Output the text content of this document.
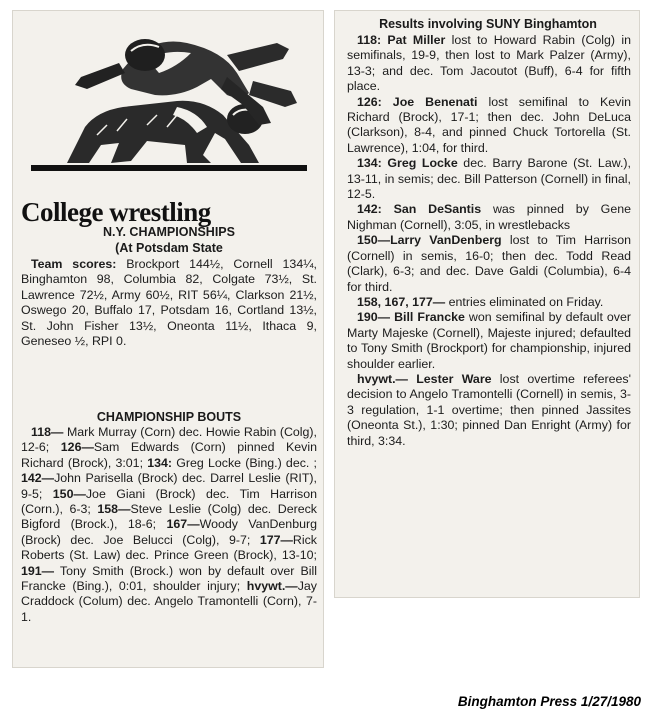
College wrestling
N.Y. CHAMPIONSHIPS
(At Potsdam State

Team scores: Brockport 144½, Cornell 134¼, Binghamton 98, Columbia 82, Colgate 73½, St. Lawrence 72½, Army 60½, RIT 56¼, Clarkson 21½, Oswego 20, Buffalo 17, Potsdam 16, Cortland 13½, St. John Fisher 13½, Oneonta 11½, Ithaca 9, Geneseo ½, RPI 0.

CHAMPIONSHIP BOUTS

118— Mark Murray (Corn) dec. Howie Rabin (Colg), 12-6; 126—Sam Edwards (Corn) pinned Kevin Richard (Brock), 3:01; 134: Greg Locke (Bing.) dec. ; 142—John Parisella (Brock) dec. Darrel Leslie (RIT), 9-5; 150—Joe Giani (Brock) dec. Tim Harrison (Corn.), 6-3; 158—Steve Leslie (Colg) dec. Dereck Bigford (Brock.), 18-6; 167—Woody VanDenburg (Brock) dec. Joe Belucci (Colg), 9-7; 177—Rick Roberts (St. Law) dec. Prince Green (Brock), 13-10; 191— Tony Smith (Brock.) won by default over Bill Francke (Bing.), 0:01, shoulder injury; hvywt.—Jay Craddock (Colum) dec. Angelo Tramontelli (Corn), 7-1.

Results involving SUNY Binghamton

118: Pat Miller lost to Howard Rabin (Colg) in semifinals, 19-9, then lost to Mark Palzer (Army), 13-3; and dec. Tom Jacoutot (Buff), 6-4 for fifth place.

126: Joe Benenati lost semifinal to Kevin Richard (Brock), 17-1; then dec. John DeLuca (Clarkson), 8-4, and pinned Chuck Tortorella (St. Lawrence), 1:04, for third.

134: Greg Locke dec. Barry Barone (St. Law.), 13-11, in semis; dec. Bill Patterson (Cornell) in final, 12-5.

142: San DeSantis was pinned by Gene Nighman (Cornell), 3:05, in wrestlebacks

150—Larry VanDenberg lost to Tim Harrison (Cornell) in semis, 16-0; then dec. Todd Read (Clark), 6-3; and dec. Dave Galdi (Columbia), 6-4 for third.

158, 167, 177— entries eliminated on Friday.

190— Bill Francke won semifinal by default over Marty Majeske (Cornell), Majeste injured; defaulted to Tony Smith (Brockport) for championship, injured shoulder earlier.

hvywt.— Lester Ware lost overtime referees' decision to Angelo Tramontelli (Cornell) in semis, 3-3 regulation, 1-1 overtime; then pinned Jassites (Oneonta St.), 1:30; pinned Dan Enright (Army) for third, 3:34.

Binghamton Press 1/27/1980
